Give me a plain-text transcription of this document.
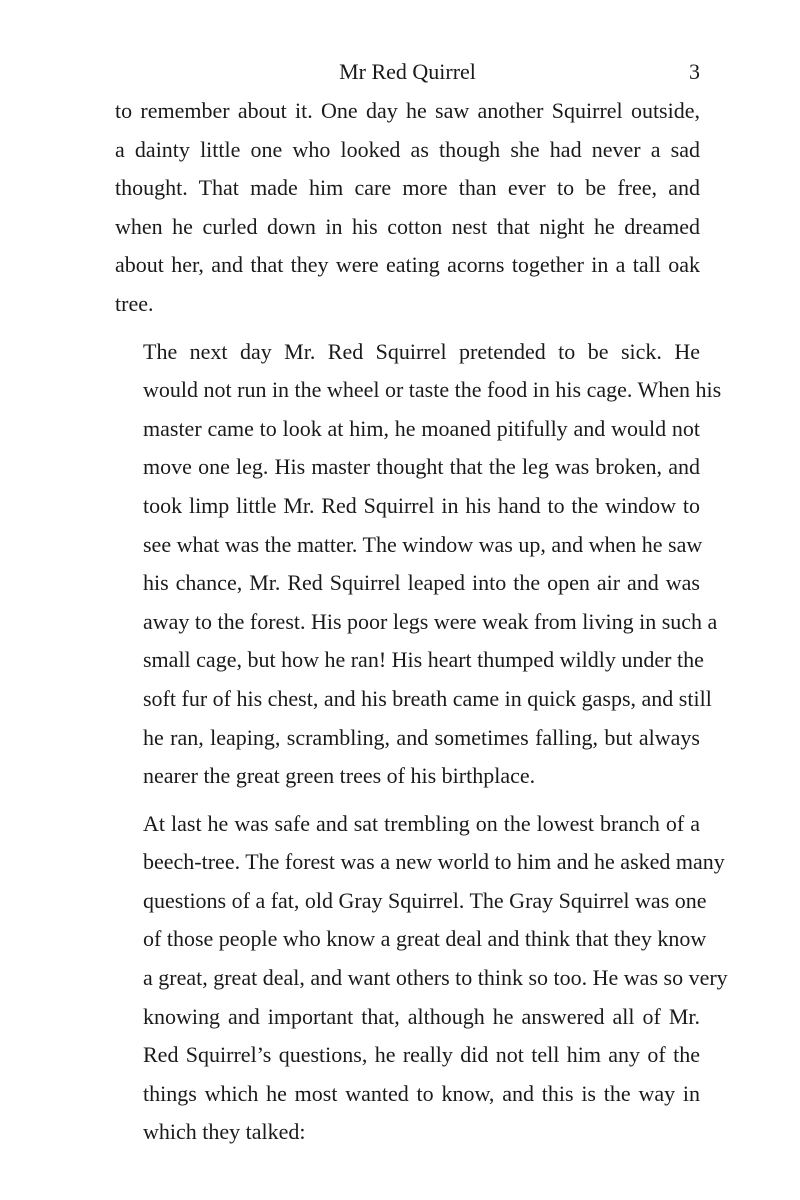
Mr Red Quirrel	3

to remember about it. One day he saw another Squirrel outside,
a dainty little one who looked as though she had never a sad
thought. That made him care more than ever to be free, and
when he curled down in his cotton nest that night he dreamed
about her, and that they were eating acorns together in a tall oak
tree.

The next day Mr. Red Squirrel pretended to be sick. He
would not run in the wheel or taste the food in his cage. When his
master came to look at him, he moaned pitifully and would not
move one leg. His master thought that the leg was broken, and
took limp little Mr. Red Squirrel in his hand to the window to
see what was the matter. The window was up, and when he saw
his chance, Mr. Red Squirrel leaped into the open air and was
away to the forest. His poor legs were weak from living in such a
small cage, but how he ran! His heart thumped wildly under the
soft fur of his chest, and his breath came in quick gasps, and still
he ran, leaping, scrambling, and sometimes falling, but always
nearer the great green trees of his birthplace.

At last he was safe and sat trembling on the lowest branch of a
beech-tree. The forest was a new world to him and he asked many
questions of a fat, old Gray Squirrel. The Gray Squirrel was one
of those people who know a great deal and think that they know
a great, great deal, and want others to think so too. He was so very
knowing and important that, although he answered all of Mr.
Red Squirrel’s questions, he really did not tell him any of the
things which he most wanted to know, and this is the way in
which they talked:
